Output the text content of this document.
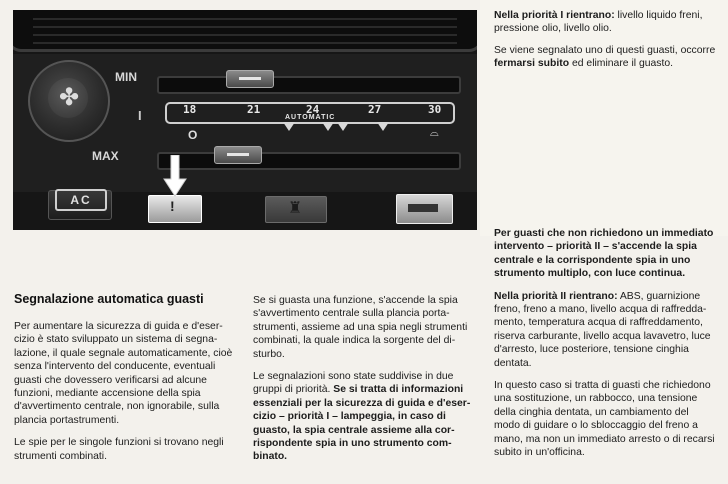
✤
MIN
MAX
I	18	21	24	27	30
AUTOMATIC
O	⌓
AC	!	♜

Nella priorità I rientrano: livello liquido freni, pressione olio, livello olio.

Se viene segnalato uno di questi guasti, occorre fermarsi subito ed eliminare il guasto.

Per guasti che non richiedono un immediato intervento – priorità II – s'accende la spia centrale e la corrispondente spia in uno strumento multiplo, con luce continua.

Nella priorità II rientrano: ABS, guarnizione freno, freno a mano, livello acqua di raffreddamento, temperatura acqua di raffreddamento, riserva carburante, livello acqua lavavetro, luce d'arresto, luce posteriore, tensione cinghia dentata.

In questo caso si tratta di guasti che richiedono una sostituzione, un rabbocco, una tensione della cinghia dentata, un cambiamento del modo di guidare o lo sbloccaggio del freno a mano, ma non un immediato arresto o di recarsi subito in un'officina.

Segnalazione automatica guasti

Per aumentare la sicurezza di guida e d'esercizio è stato sviluppato un sistema di segnalazione, il quale segnale automaticamente, cioè senza l'intervento del conducente, eventuali guasti che dovessero verificarsi ad alcune funzioni, mediante accensione della spia d'avvertimento centrale, non ignorabile, sulla plancia portastrumenti.

Le spie per le singole funzioni si trovano negli strumenti combinati.

Se si guasta una funzione, s'accende la spia s'avvertimento centrale sulla plancia portastrumenti, assieme ad una spia negli strumenti combinati, la quale indica la sorgente del disturbo.

Le segnalazioni sono state suddivise in due gruppi di priorità. Se si tratta di informazioni essenziali per la sicurezza di guida e d'esercizio – priorità I – lampeggia, in caso di guasto, la spia centrale assieme alla corrispondente spia in uno strumento combinato.
